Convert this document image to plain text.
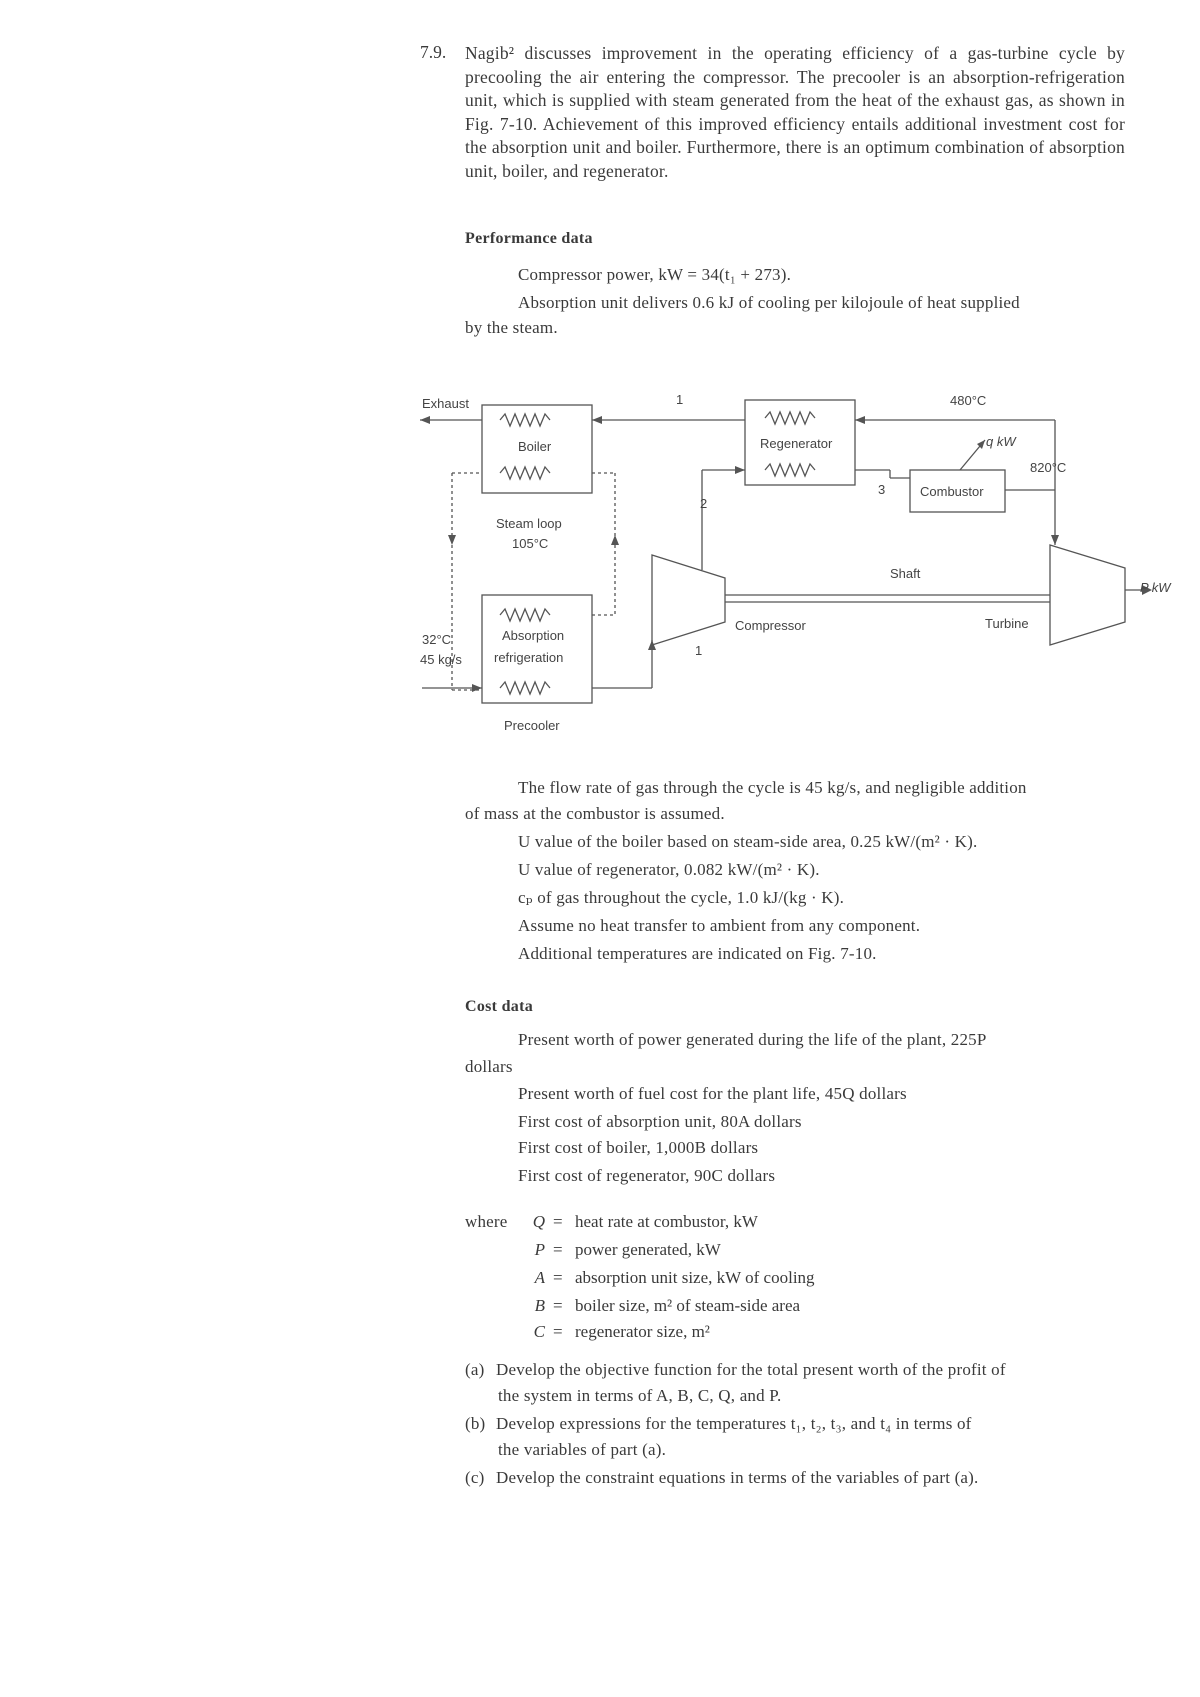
7.9. Nagib² discusses improvement in the operating efficiency of a gas-turbine cycle by precooling the air entering the compressor. The precooler is an absorption-refrigeration unit, which is supplied with steam generated from the heat of the exhaust gas, as shown in Fig. 7-10. Achievement of this improved efficiency entails additional investment cost for the absorption unit and boiler. Furthermore, there is an optimum combination of absorption unit, boiler, and regenerator.
Performance data
Compressor power, kW = 34(t₁ + 273).
Absorption unit delivers 0.6 kJ of cooling per kilojoule of heat supplied
by the steam.
Exhaust
Boiler
Steam loop
105°C
Absorption
refrigeration
Precooler
32°C
45 kg/s
1
Compressor
2
1
Regenerator
480°C
3	Combustor
q kW
820°C
Turbine
Shaft
P kW
The flow rate of gas through the cycle is 45 kg/s, and negligible addition
of mass at the combustor is assumed.
U value of the boiler based on steam-side area, 0.25 kW/(m² · K).
U value of regenerator, 0.082 kW/(m² · K).
cₚ of gas throughout the cycle, 1.0 kJ/(kg · K).
Assume no heat transfer to ambient from any component.
Additional temperatures are indicated on Fig. 7-10.
Cost data
Present worth of power generated during the life of the plant, 225P
dollars
Present worth of fuel cost for the plant life, 45Q dollars
First cost of absorption unit, 80A dollars
First cost of boiler, 1,000B dollars
First cost of regenerator, 90C dollars
where	Q = heat rate at combustor, kW
P = power generated, kW
A = absorption unit size, kW of cooling
B = boiler size, m² of steam-side area
C = regenerator size, m²
(a) Develop the objective function for the total present worth of the profit of
the system in terms of A, B, C, Q, and P.
(b) Develop expressions for the temperatures t₁, t₂, t₃, and t₄ in terms of
the variables of part (a).
(c) Develop the constraint equations in terms of the variables of part (a).
